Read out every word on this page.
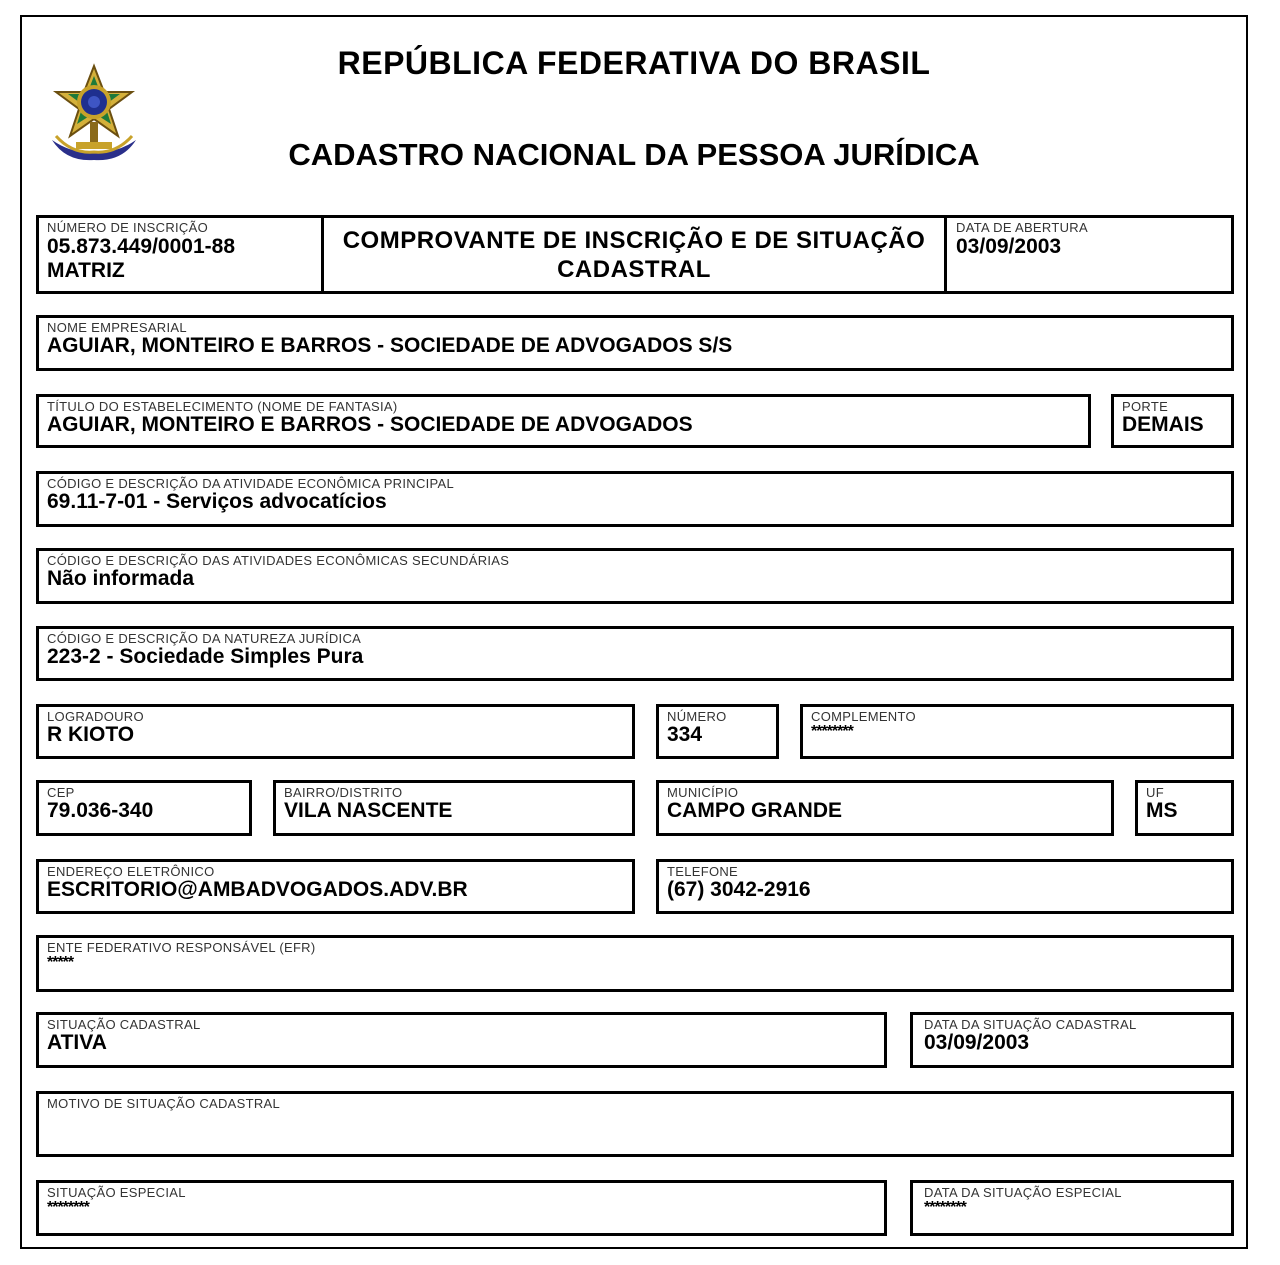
REPÚBLICA FEDERATIVA DO BRASIL
CADASTRO NACIONAL DA PESSOA JURÍDICA
NÚMERO DE INSCRIÇÃO
05.873.449/0001-88
MATRIZ
COMPROVANTE DE INSCRIÇÃO E DE SITUAÇÃO CADASTRAL
DATA DE ABERTURA
03/09/2003
NOME EMPRESARIAL
AGUIAR, MONTEIRO E BARROS - SOCIEDADE DE ADVOGADOS S/S
TÍTULO DO ESTABELECIMENTO (NOME DE FANTASIA)
AGUIAR, MONTEIRO E BARROS - SOCIEDADE DE ADVOGADOS
PORTE
DEMAIS
CÓDIGO E DESCRIÇÃO DA ATIVIDADE ECONÔMICA PRINCIPAL
69.11-7-01 - Serviços advocatícios
CÓDIGO E DESCRIÇÃO DAS ATIVIDADES ECONÔMICAS SECUNDÁRIAS
Não informada
CÓDIGO E DESCRIÇÃO DA NATUREZA JURÍDICA
223-2 - Sociedade Simples Pura
LOGRADOURO
R KIOTO
NÚMERO
334
COMPLEMENTO
********
CEP
79.036-340
BAIRRO/DISTRITO
VILA NASCENTE
MUNICÍPIO
CAMPO GRANDE
UF
MS
ENDEREÇO ELETRÔNICO
ESCRITORIO@AMBADVOGADOS.ADV.BR
TELEFONE
(67) 3042-2916
ENTE FEDERATIVO RESPONSÁVEL (EFR)
*****
SITUAÇÃO CADASTRAL
ATIVA
DATA DA SITUAÇÃO CADASTRAL
03/09/2003
MOTIVO DE SITUAÇÃO CADASTRAL
SITUAÇÃO ESPECIAL
********
DATA DA SITUAÇÃO ESPECIAL
********
